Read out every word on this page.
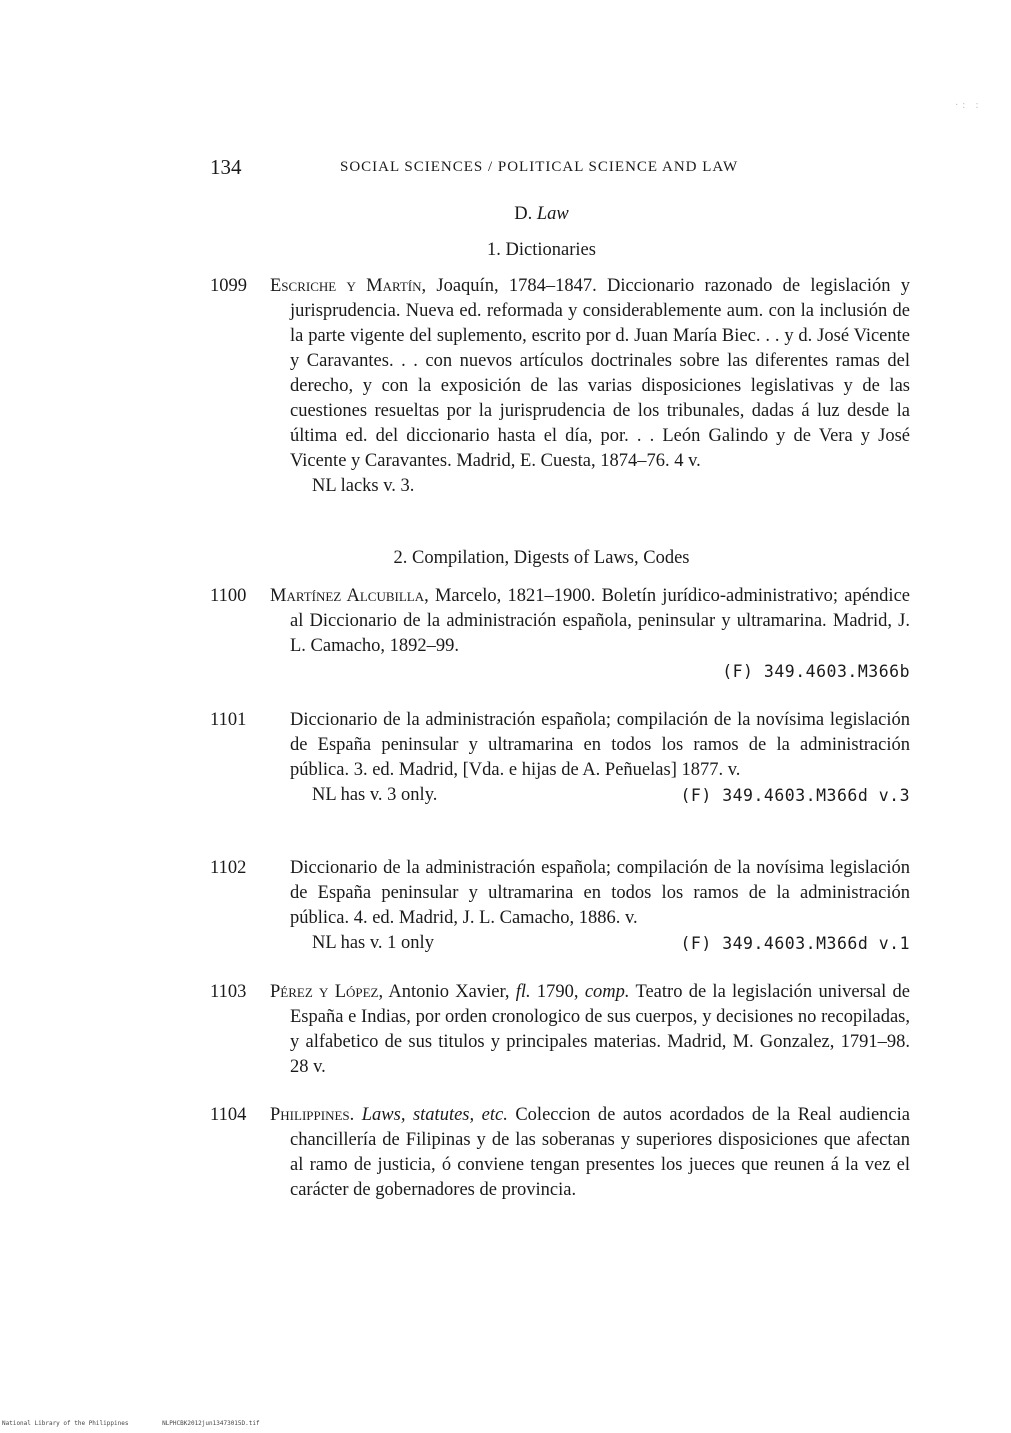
·: :
134	SOCIAL SCIENCES / POLITICAL SCIENCE AND LAW
D. Law
1. Dictionaries
1099	Escriche y Martín, Joaquín, 1784–1847. Diccionario razonado de legislación y jurisprudencia. Nueva ed. reformada y considerablemente aum. con la inclusión de la parte vigente del suplemento, escrito por d. Juan María Biec. . . y d. José Vicente y Caravantes. . . con nuevos artículos doctrinales sobre las diferentes ramas del derecho, y con la exposición de las varias disposiciones legislativas y de las cuestiones resueltas por la jurisprudencia de los tribunales, dadas á luz desde la última ed. del diccionario hasta el día, por. . . León Galindo y de Vera y José Vicente y Caravantes. Madrid, E. Cuesta, 1874–76. 4 v.
NL lacks v. 3.
2. Compilation, Digests of Laws, Codes
1100	Martínez Alcubilla, Marcelo, 1821–1900. Boletín jurídico-administrativo; apéndice al Diccionario de la administración española, peninsular y ultramarina. Madrid, J. L. Camacho, 1892–99.
(F) 349.4603.M366b
1101	Diccionario de la administración española; compilación de la novísima legislación de España peninsular y ultramarina en todos los ramos de la administración pública. 3. ed. Madrid, [Vda. e hijas de A. Peñuelas] 1877. v.
NL has v. 3 only.	(F) 349.4603.M366d v.3
1102	Diccionario de la administración española; compilación de la novísima legislación de España peninsular y ultramarina en todos los ramos de la administración pública. 4. ed. Madrid, J. L. Camacho, 1886. v.
NL has v. 1 only	(F) 349.4603.M366d v.1
1103	Pérez y López, Antonio Xavier, fl. 1790, comp. Teatro de la legislación universal de España e Indias, por orden cronologico de sus cuerpos, y decisiones no recopiladas, y alfabetico de sus titulos y principales materias. Madrid, M. Gonzalez, 1791–98. 28 v.
1104	Philippines. Laws, statutes, etc. Coleccion de autos acordados de la Real audiencia chancillería de Filipinas y de las soberanas y superiores disposiciones que afectan al ramo de justicia, ó conviene tengan presentes los jueces que reunen á la vez el carácter de gobernadores de provincia.
National Library of the Philippines	NLPHCBK2012jun13473015D.tif
